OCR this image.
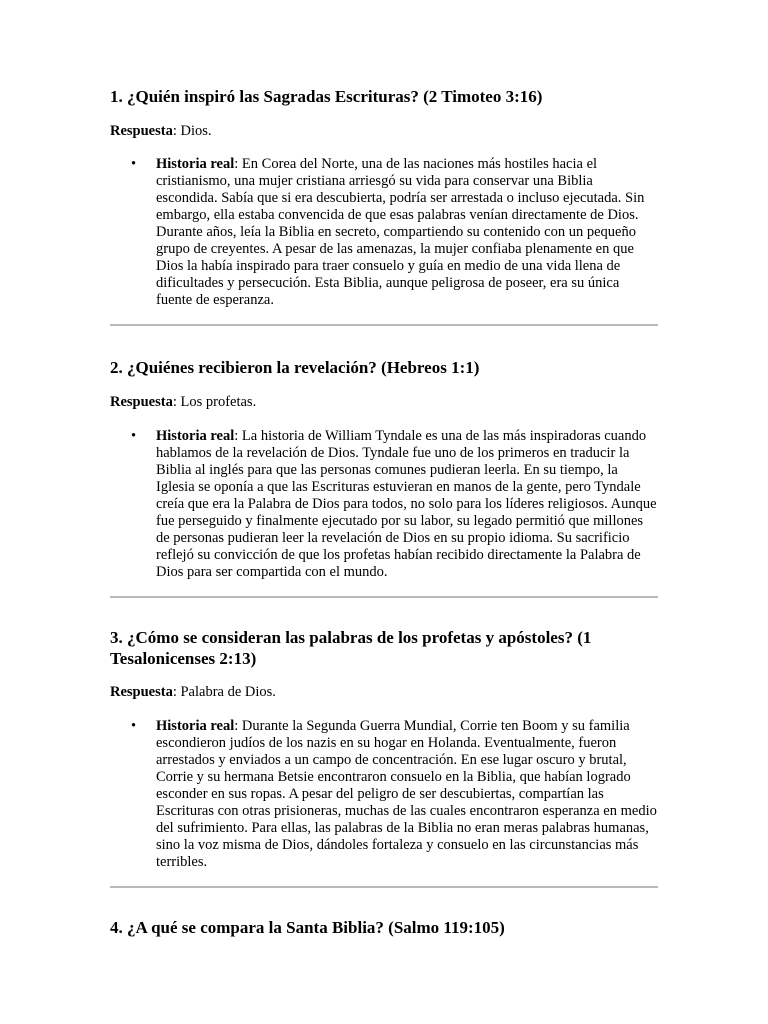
1. ¿Quién inspiró las Sagradas Escrituras? (2 Timoteo 3:16)

Respuesta: Dios.

• Historia real: En Corea del Norte, una de las naciones más hostiles hacia el cristianismo, una mujer cristiana arriesgó su vida para conservar una Biblia escondida. Sabía que si era descubierta, podría ser arrestada o incluso ejecutada. Sin embargo, ella estaba convencida de que esas palabras venían directamente de Dios. Durante años, leía la Biblia en secreto, compartiendo su contenido con un pequeño grupo de creyentes. A pesar de las amenazas, la mujer confiaba plenamente en que Dios la había inspirado para traer consuelo y guía en medio de una vida llena de dificultades y persecución. Esta Biblia, aunque peligrosa de poseer, era su única fuente de esperanza.
2. ¿Quiénes recibieron la revelación? (Hebreos 1:1)

Respuesta: Los profetas.

• Historia real: La historia de William Tyndale es una de las más inspiradoras cuando hablamos de la revelación de Dios. Tyndale fue uno de los primeros en traducir la Biblia al inglés para que las personas comunes pudieran leerla. En su tiempo, la Iglesia se oponía a que las Escrituras estuvieran en manos de la gente, pero Tyndale creía que era la Palabra de Dios para todos, no solo para los líderes religiosos. Aunque fue perseguido y finalmente ejecutado por su labor, su legado permitió que millones de personas pudieran leer la revelación de Dios en su propio idioma. Su sacrificio reflejó su convicción de que los profetas habían recibido directamente la Palabra de Dios para ser compartida con el mundo.
3. ¿Cómo se consideran las palabras de los profetas y apóstoles? (1 Tesalonicenses 2:13)

Respuesta: Palabra de Dios.

• Historia real: Durante la Segunda Guerra Mundial, Corrie ten Boom y su familia escondieron judíos de los nazis en su hogar en Holanda. Eventualmente, fueron arrestados y enviados a un campo de concentración. En ese lugar oscuro y brutal, Corrie y su hermana Betsie encontraron consuelo en la Biblia, que habían logrado esconder en sus ropas. A pesar del peligro de ser descubiertas, compartían las Escrituras con otras prisioneras, muchas de las cuales encontraron esperanza en medio del sufrimiento. Para ellas, las palabras de la Biblia no eran meras palabras humanas, sino la voz misma de Dios, dándoles fortaleza y consuelo en las circunstancias más terribles.
4. ¿A qué se compara la Santa Biblia? (Salmo 119:105)
